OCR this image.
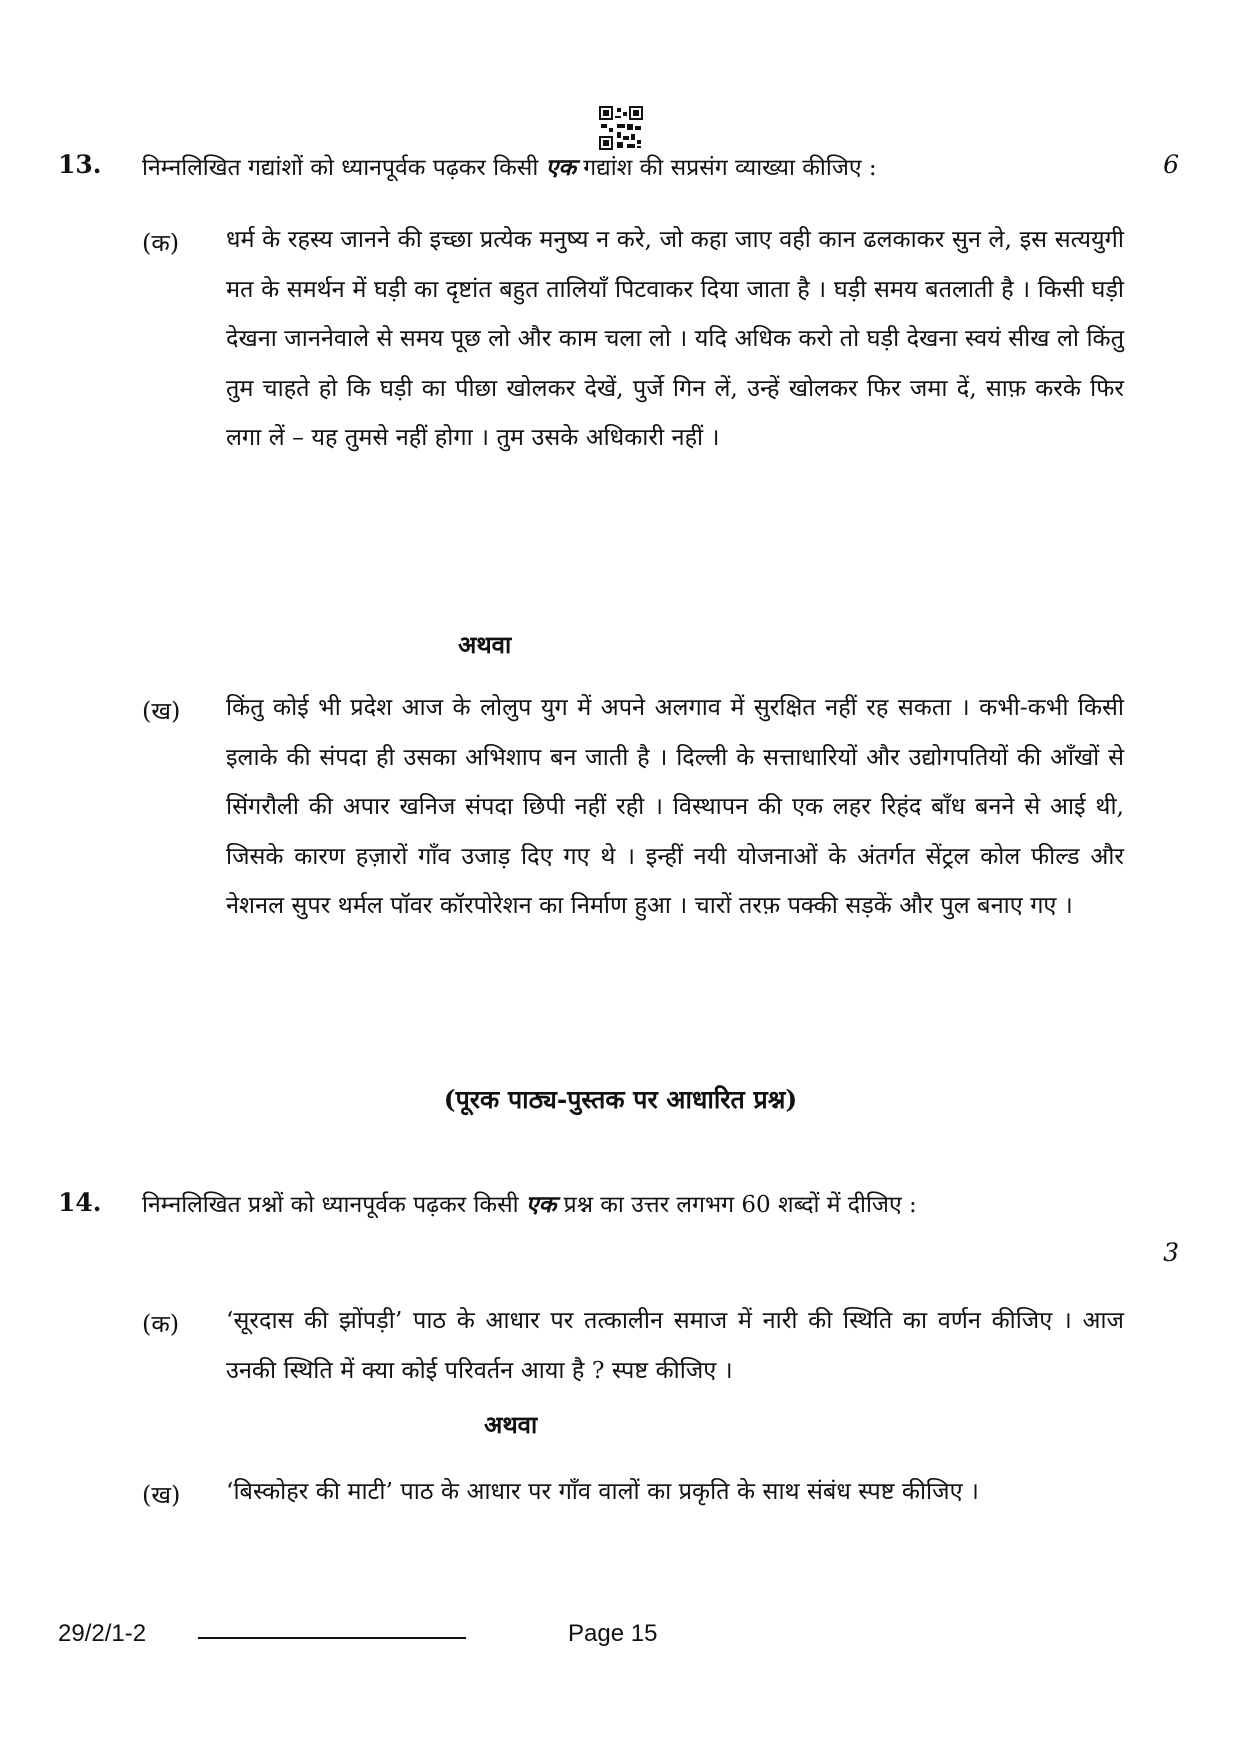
13. निम्नलिखित गद्यांशों को ध्यानपूर्वक पढ़कर किसी एक गद्यांश की सप्रसंग व्याख्या कीजिए :	6
(क) धर्म के रहस्य जानने की इच्छा प्रत्येक मनुष्य न करे, जो कहा जाए वही कान ढलकाकर सुन ले, इस सत्ययुगी मत के समर्थन में घड़ी का दृष्टांत बहुत तालियाँ पिटवाकर दिया जाता है । घड़ी समय बतलाती है । किसी घड़ी देखना जाननेवाले से समय पूछ लो और काम चला लो । यदि अधिक करो तो घड़ी देखना स्वयं सीख लो किंतु तुम चाहते हो कि घड़ी का पीछा खोलकर देखें, पुर्जे गिन लें, उन्हें खोलकर फिर जमा दें, साफ़ करके फिर लगा लें – यह तुमसे नहीं होगा । तुम उसके अधिकारी नहीं ।
अथवा
(ख) किंतु कोई भी प्रदेश आज के लोलुप युग में अपने अलगाव में सुरक्षित नहीं रह सकता । कभी-कभी किसी इलाके की संपदा ही उसका अभिशाप बन जाती है । दिल्ली के सत्ताधारियों और उद्योगपतियों की आँखों से सिंगरौली की अपार खनिज संपदा छिपी नहीं रही । विस्थापन की एक लहर रिहंद बाँध बनने से आई थी, जिसके कारण हज़ारों गाँव उजाड़ दिए गए थे । इन्हीं नयी योजनाओं के अंतर्गत सेंट्रल कोल फील्ड और नेशनल सुपर थर्मल पॉवर कॉरपोरेशन का निर्माण हुआ । चारों तरफ़ पक्की सड़कें और पुल बनाए गए ।
(पूरक पाठ्य-पुस्तक पर आधारित प्रश्न)
14. निम्नलिखित प्रश्नों को ध्यानपूर्वक पढ़कर किसी एक प्रश्न का उत्तर लगभग 60 शब्दों में दीजिए :
3
(क) ‘सूरदास की झोंपड़ी’ पाठ के आधार पर तत्कालीन समाज में नारी की स्थिति का वर्णन कीजिए । आज उनकी स्थिति में क्या कोई परिवर्तन आया है ? स्पष्ट कीजिए ।
अथवा
(ख) ‘बिस्कोहर की माटी’ पाठ के आधार पर गाँव वालों का प्रकृति के साथ संबंध स्पष्ट कीजिए ।
29/2/1-2	Page 15
